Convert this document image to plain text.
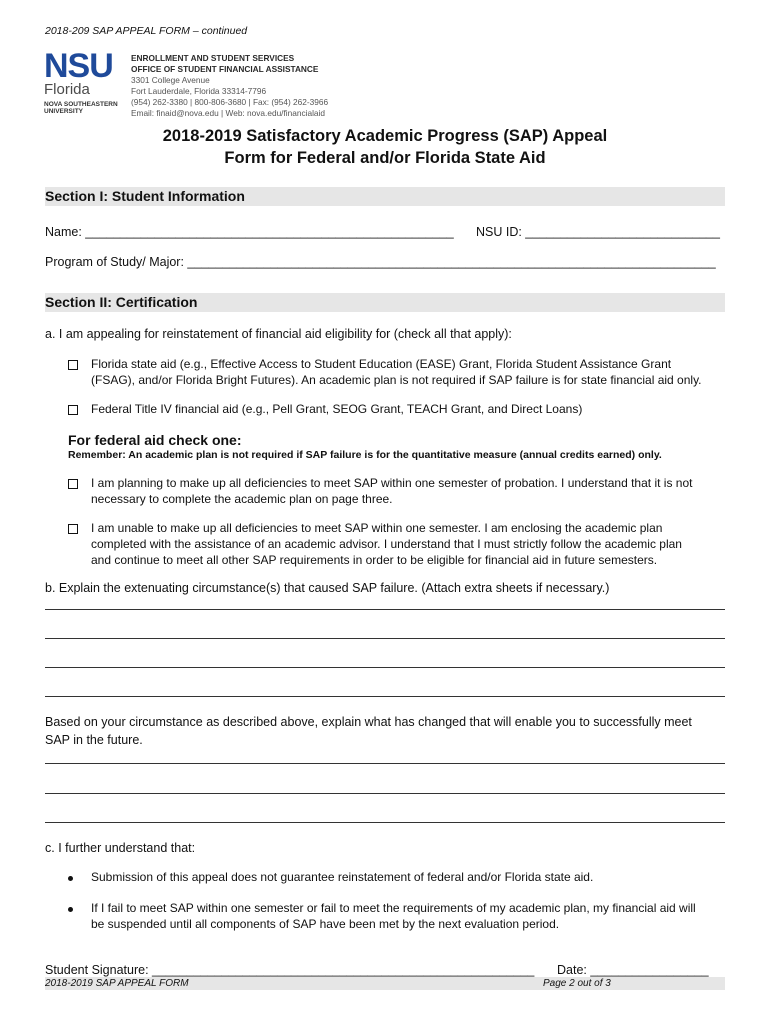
2018-209 SAP APPEAL FORM – continued
NSU
Florida
NOVA SOUTHEASTERN
UNIVERSITY
ENROLLMENT AND STUDENT SERVICES
OFFICE OF STUDENT FINANCIAL ASSISTANCE
3301 College Avenue
Fort Lauderdale, Florida 33314-7796
(954) 262-3380 | 800-806-3680 | Fax: (954) 262-3966
Email: finaid@nova.edu | Web: nova.edu/financialaid
2018-2019 Satisfactory Academic Progress (SAP) Appeal
Form for Federal and/or Florida State Aid
Section I: Student Information
Name: _____________________________________________________ NSU ID: ____________________________
Program of Study/ Major: ____________________________________________________________________________
Section II: Certification
a. I am appealing for reinstatement of financial aid eligibility for (check all that apply):
Florida state aid (e.g., Effective Access to Student Education (EASE) Grant, Florida Student Assistance Grant
(FSAG), and/or Florida Bright Futures). An academic plan is not required if SAP failure is for state financial aid only.
Federal Title IV financial aid (e.g., Pell Grant, SEOG Grant, TEACH Grant, and Direct Loans)
For federal aid check one:
Remember: An academic plan is not required if SAP failure is for the quantitative measure (annual credits earned) only.
I am planning to make up all deficiencies to meet SAP within one semester of probation. I understand that it is not
necessary to complete the academic plan on page three.
I am unable to make up all deficiencies to meet SAP within one semester. I am enclosing the academic plan
completed with the assistance of an academic advisor. I understand that I must strictly follow the academic plan
and continue to meet all other SAP requirements in order to be eligible for financial aid in future semesters.
b. Explain the extenuating circumstance(s) that caused SAP failure. (Attach extra sheets if necessary.)
Based on your circumstance as described above, explain what has changed that will enable you to successfully meet
SAP in the future.
c. I further understand that:
Submission of this appeal does not guarantee reinstatement of federal and/or Florida state aid.
If I fail to meet SAP within one semester or fail to meet the requirements of my academic plan, my financial aid will
be suspended until all components of SAP have been met by the next evaluation period.
Student Signature: _______________________________________________________ Date: _________________
2018-2019 SAP APPEAL FORM	Page 2 out of 3
